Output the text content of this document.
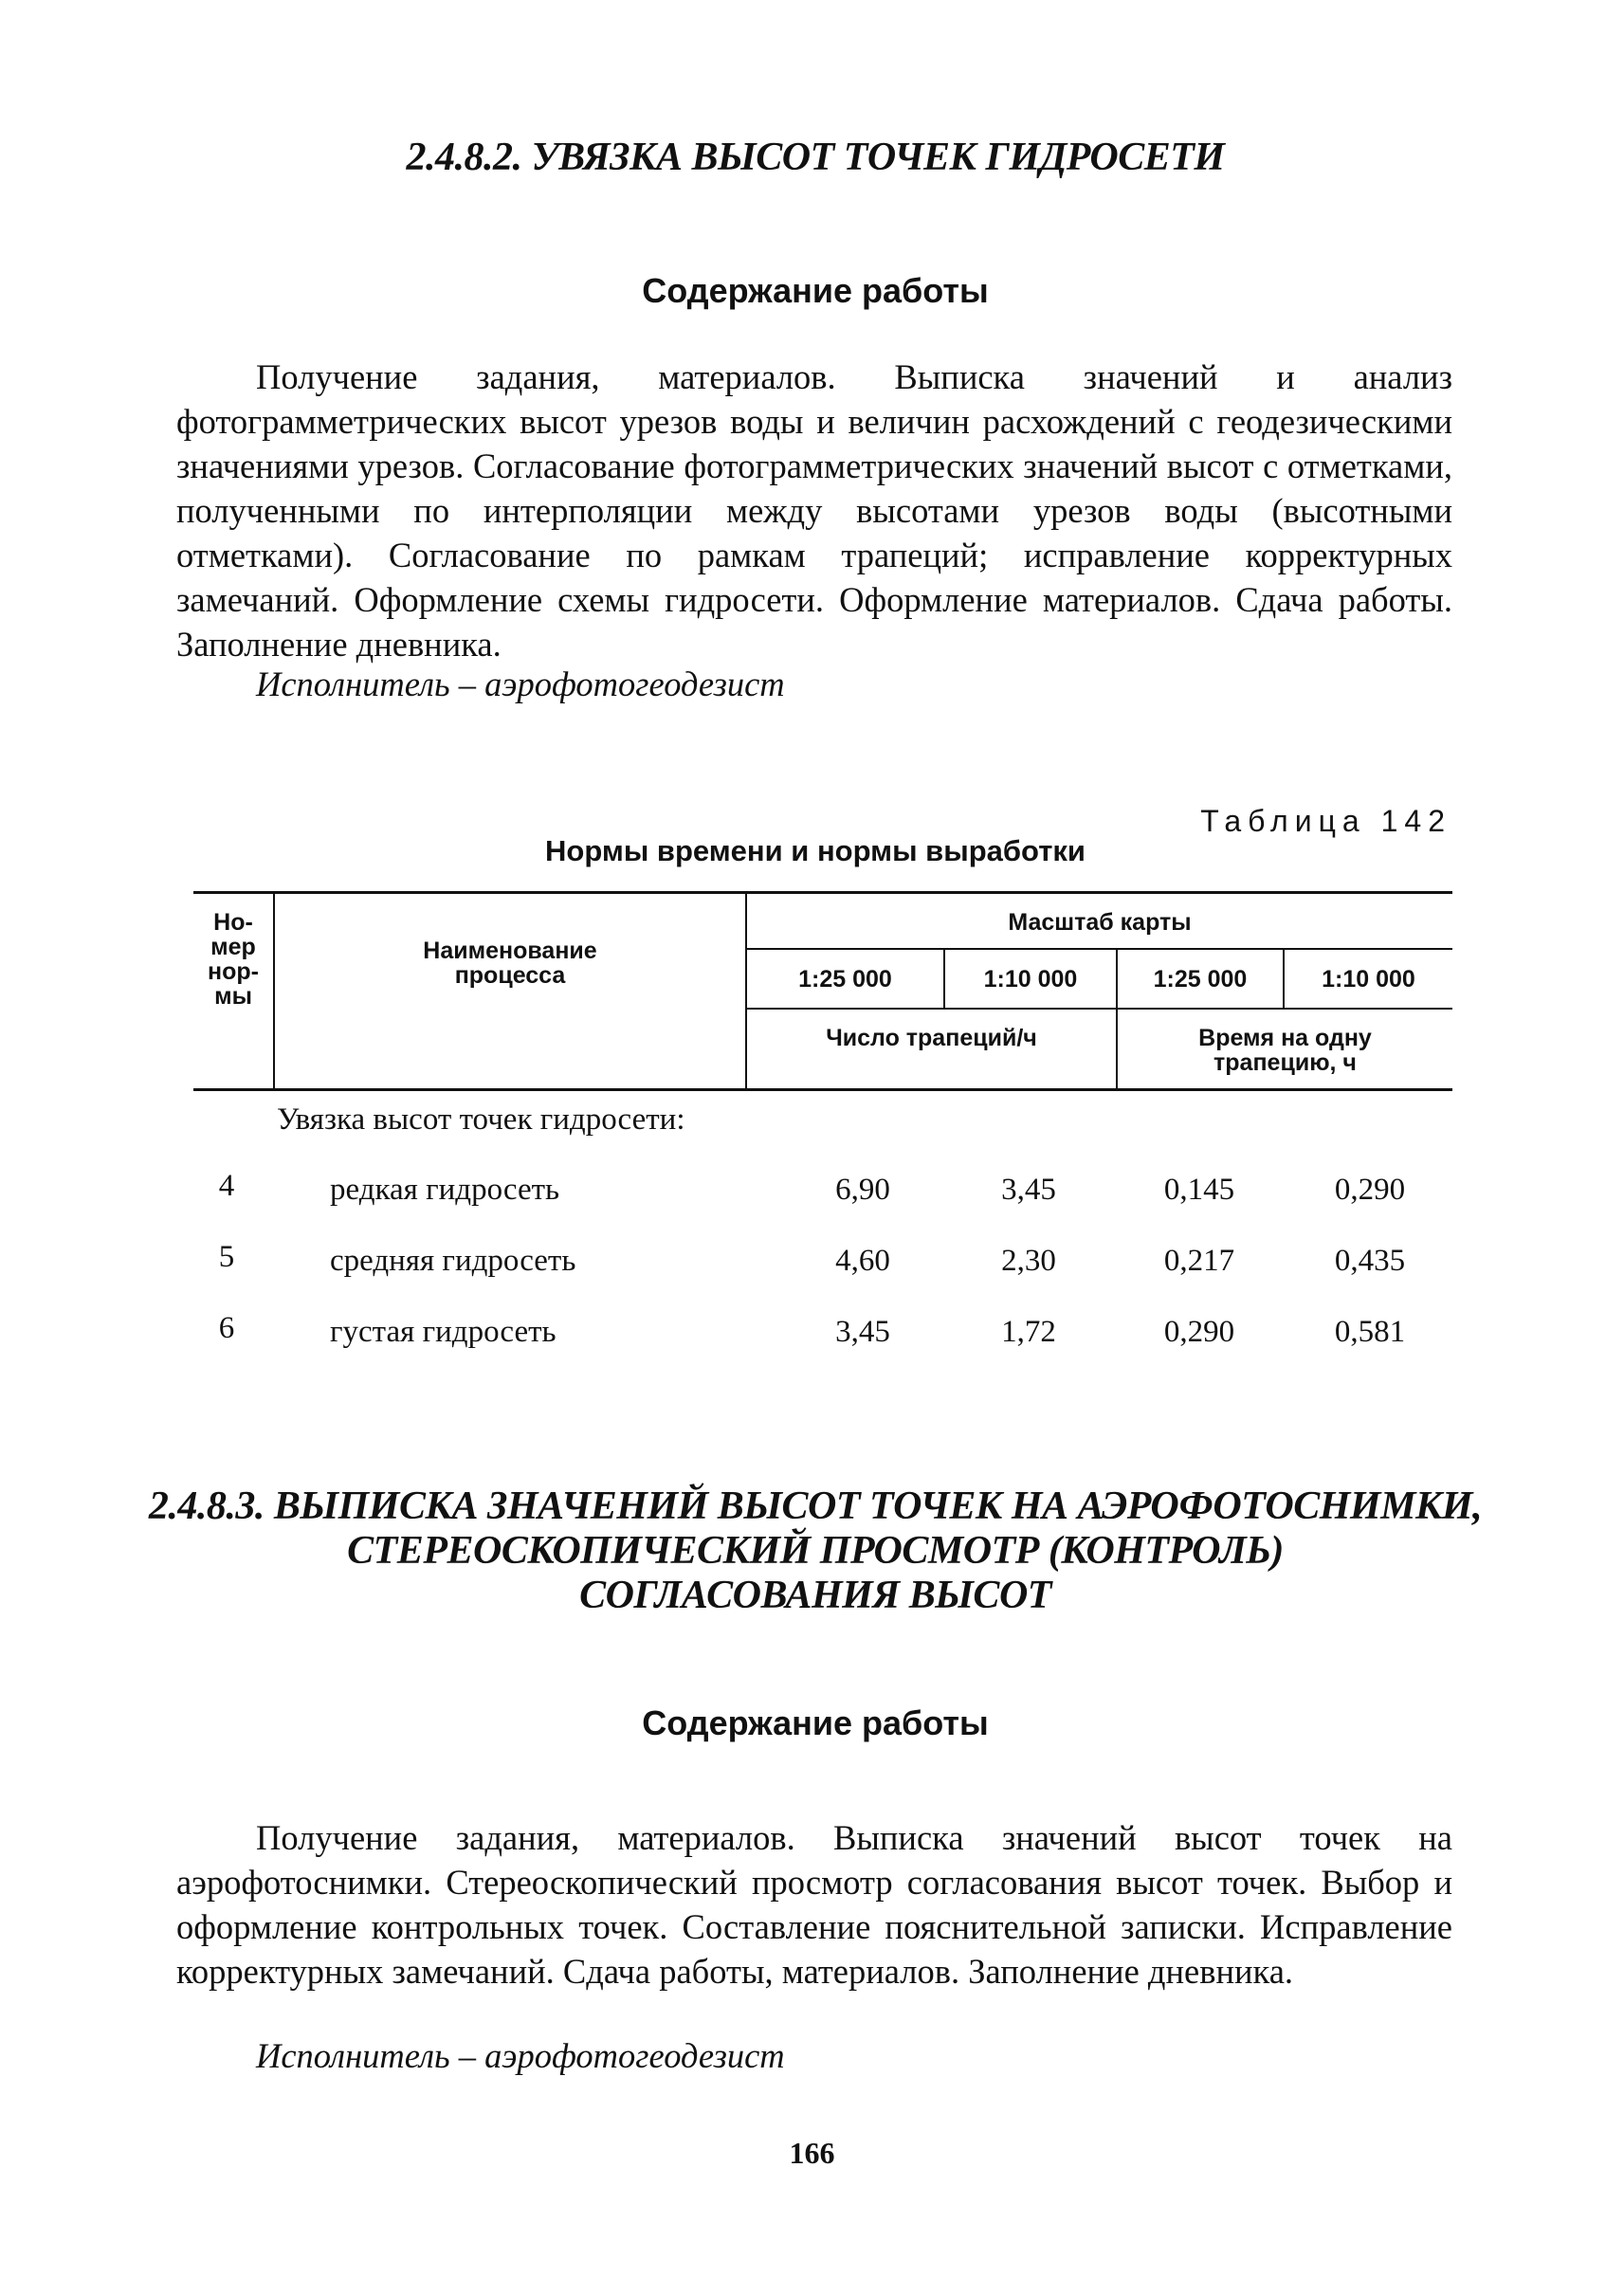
2.4.8.2. УВЯЗКА ВЫСОТ ТОЧЕК ГИДРОСЕТИ
Содержание работы

Получение задания, материалов. Выписка значений и анализ фотограмметрических высот урезов воды и величин расхождений с геодезическими значениями урезов. Согласование фотограмметрических значений высот с отметками, полученными по интерполяции между высотами урезов воды (высотными отметками). Согласование по рамкам трапеций; исправление корректурных замечаний. Оформление схемы гидросети. Оформление материалов. Сдача работы. Заполнение дневника.

Исполнитель – аэрофотогеодезист
Таблица 142
Нормы времени и нормы выработки
Но-
мер
нор-
мы
Наименование
процесса
Масштаб карты
1:25 000	1:10 000	1:25 000	1:10 000
Число трапеций/ч	Время на одну
трапецию, ч
Увязка высот точек гидросети:
4	редкая гидросеть	6,90	3,45	0,145	0,290
5	средняя гидросеть	4,60	2,30	0,217	0,435
6	густая гидросеть	3,45	1,72	0,290	0,581
2.4.8.3. ВЫПИСКА ЗНАЧЕНИЙ ВЫСОТ ТОЧЕК НА АЭРОФОТОСНИМКИ,
СТЕРЕОСКОПИЧЕСКИЙ ПРОСМОТР (КОНТРОЛЬ)
СОГЛАСОВАНИЯ ВЫСОТ
Содержание работы

Получение задания, материалов. Выписка значений высот точек на аэрофотоснимки. Стереоскопический просмотр согласования высот точек. Выбор и оформление контрольных точек. Составление пояснительной записки. Исправление корректурных замечаний. Сдача работы, материалов. Заполнение дневника.

Исполнитель – аэрофотогеодезист
166
